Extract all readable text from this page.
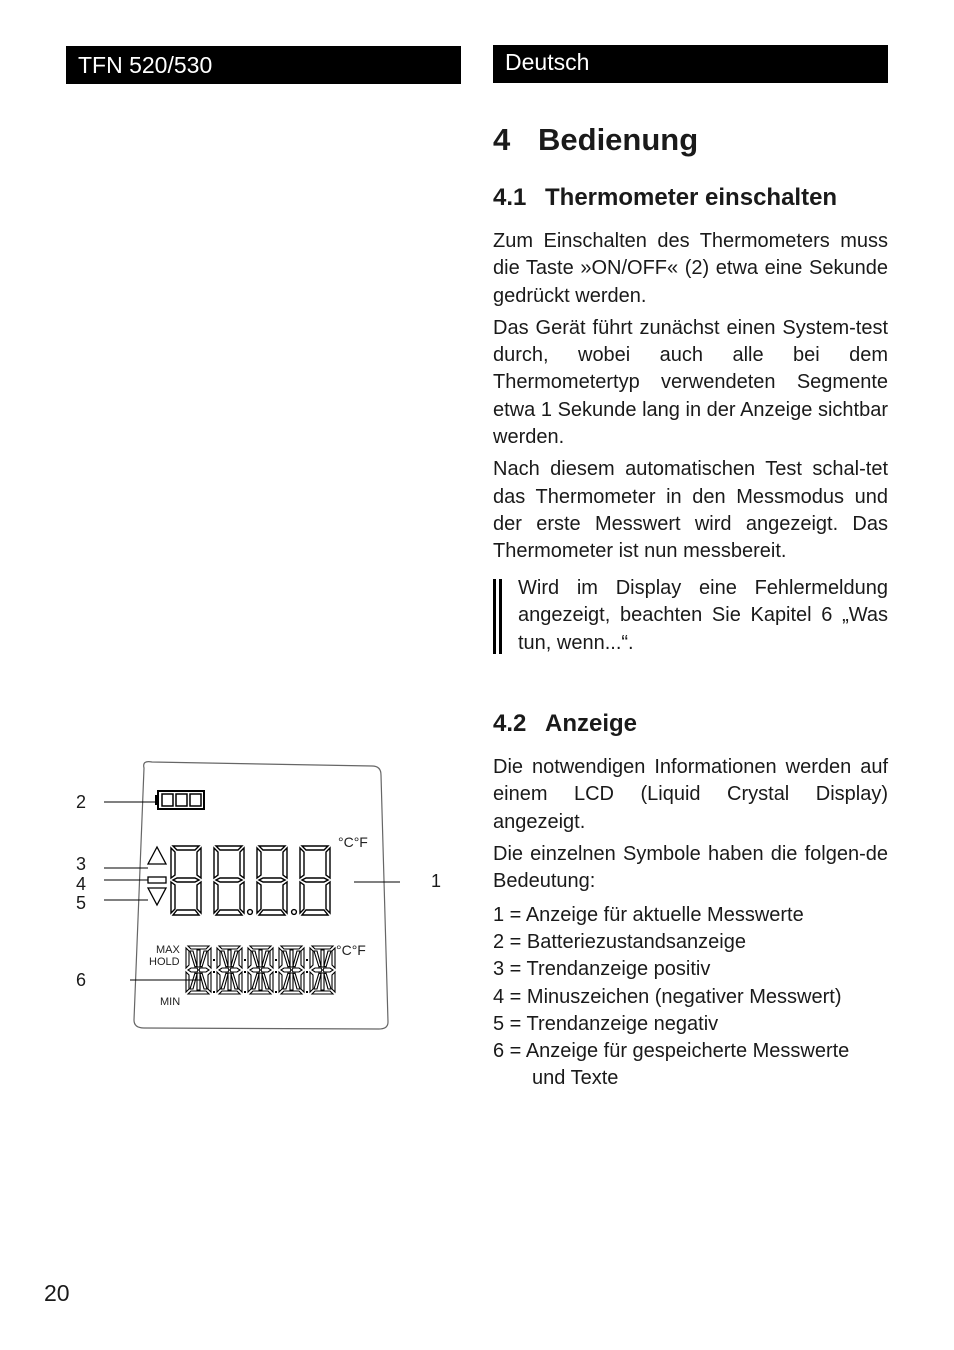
TFN 520/530	Deutsch
4 Bedienung
4.1 Thermometer einschalten

Zum Einschalten des Thermometers muss die Taste »ON/OFF« (2) etwa eine Sekunde gedrückt werden.

Das Gerät führt zunächst einen System-test durch, wobei auch alle bei dem Thermometertyp verwendeten Segmente etwa 1 Sekunde lang in der Anzeige sichtbar werden.

Nach diesem automatischen Test schal-tet das Thermometer in den Messmodus und der erste Messwert wird angezeigt. Das Thermometer ist nun messbereit.

Wird im Display eine Fehlermeldung angezeigt, beachten Sie Kapitel 6 „Was tun, wenn...“.

4.2 Anzeige

Die notwendigen Informationen werden auf einem LCD (Liquid Crystal Display) angezeigt.

Die einzelnen Symbole haben die folgen-de Bedeutung:

1 = Anzeige für aktuelle Messwerte
2 = Batteriezustandsanzeige
3 = Trendanzeige positiv
4 = Minuszeichen (negativer Messwert)
5 = Trendanzeige negativ
6 = Anzeige für gespeicherte Messwerte
und Texte
°C°F
°C°F
MAX
HOLD
MIN
2
3
4
5
6
1
20
